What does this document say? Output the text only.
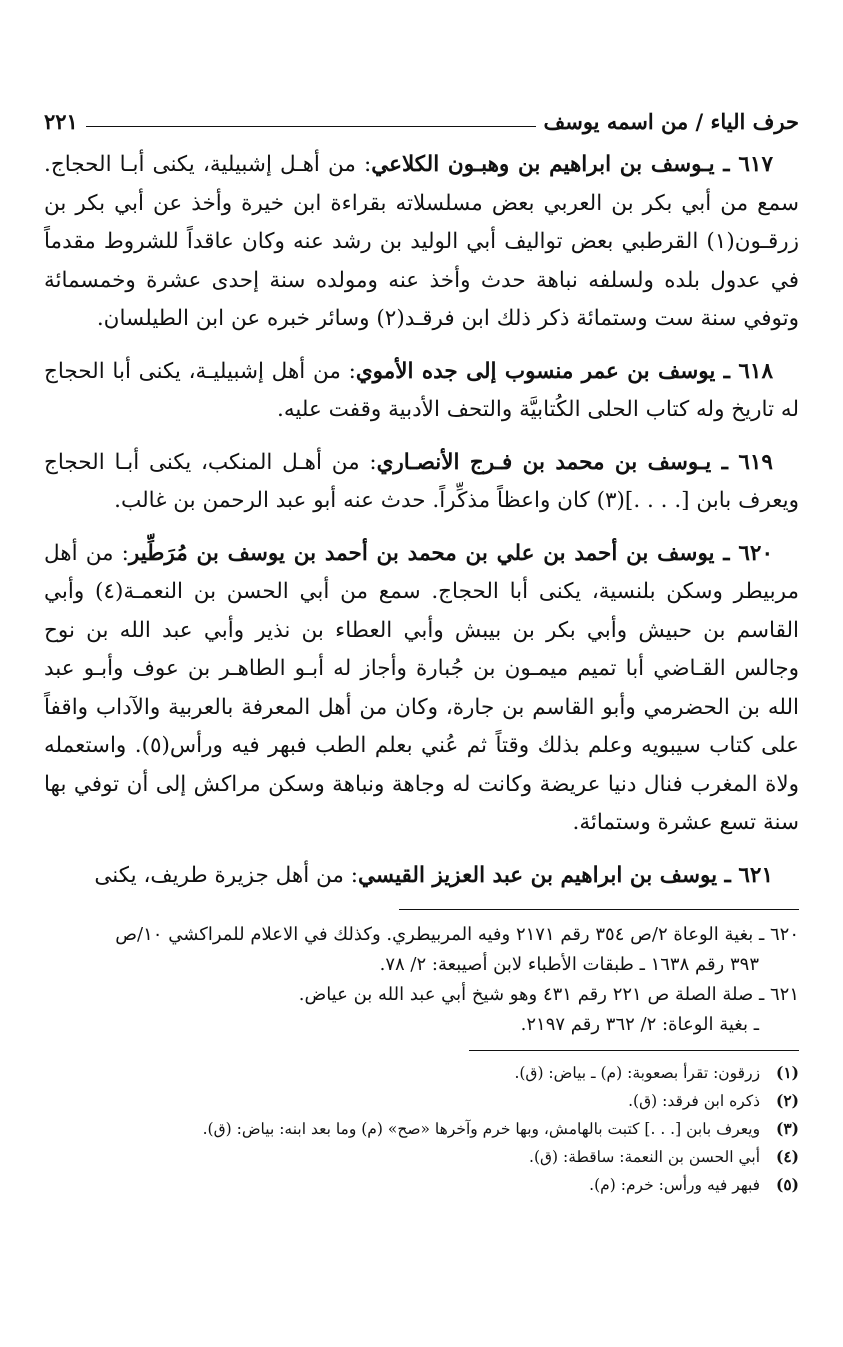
حرف الياء / من اسمه يوسف
٢٢١

٦١٧ ـ يـوسف بن ابراهيم بن وهبـون الكلاعي: من أهـل إشبيلية، يكنى أبـا الحجاج. سمع من أبي بكر بن العربي بعض مسلسلاته بقراءة ابن خيرة وأخذ عن أبي بكر بن زرقـون(١) القرطبي بعض تواليف أبي الوليد بن رشد عنه وكان عاقداً للشروط مقدماً في عدول بلده ولسلفه نباهة حدث وأخذ عنه ومولده سنة إحدى عشرة وخمسمائة وتوفي سنة ست وستمائة ذكر ذلك ابن فرقـد(٢) وسائر خبره عن ابن الطيلسان.

٦١٨ ـ يوسف بن عمر منسوب إلى جده الأموي: من أهل إشبيليـة، يكنى أبا الحجاج له تاريخ وله كتاب الحلى الكُتابيَّة والتحف الأدبية وقفت عليه.

٦١٩ ـ يـوسف بن محمد بن فـرج الأنصـاري: من أهـل المنكب، يكنى أبـا الحجاج ويعرف بابن [. . . .](٣) كان واعظاً مذكِّراً. حدث عنه أبو عبد الرحمن بن غالب.

٦٢٠ ـ يوسف بن أحمد بن علي بن محمد بن أحمد بن يوسف بن مُرَطِّير: من أهل مربيطر وسكن بلنسية، يكنى أبا الحجاج. سمع من أبي الحسن بن النعمـة(٤) وأبي القاسم بن حبيش وأبي بكر بن بيبش وأبي العطاء بن نذير وأبي عبد الله بن نوح وجالس القـاضي أبا تميم ميمـون بن جُبارة وأجاز له أبـو الطاهـر بن عوف وأبـو عبد الله بن الحضرمي وأبو القاسم بن جارة، وكان من أهل المعرفة بالعربية والآداب واقفاً على كتاب سيبويه وعلم بذلك وقتاً ثم عُني بعلم الطب فبهر فيه ورأس(٥). واستعمله ولاة المغرب فنال دنيا عريضة وكانت له وجاهة ونباهة وسكن مراكش إلى أن توفي بها سنة تسع عشرة وستمائة.

٦٢١ ـ يوسف بن ابراهيم بن عبد العزيز القيسي: من أهل جزيرة طريف، يكنى

٦٢٠ ـ بغية الوعاة ٢/ص ٣٥٤ رقم ٢١٧١ وفيه المربيطري. وكذلك في الاعلام للمراكشي ١٠/ص

٣٩٣ رقم ١٦٣٨ ـ طبقات الأطباء لابن أصيبعة: ٢/ ٧٨.

٦٢١ ـ صلة الصلة ص ٢٢١ رقم ٤٣١ وهو شيخ أبي عبد الله بن عياض.

ـ بغية الوعاة: ٢/ ٣٦٢ رقم ٢١٩٧.

(١) زرقون: تقرأ بصعوبة: (م) ـ بياض: (ق).

(٢) ذكره ابن فرقد: (ق).

(٣) ويعرف بابن [. . .] كتبت بالهامش، وبها خرم وآخرها «صح» (م) وما بعد ابنه: بياض: (ق).

(٤) أبي الحسن بن النعمة: ساقطة: (ق).

(٥) فبهر فيه ورأس: خرم: (م).
